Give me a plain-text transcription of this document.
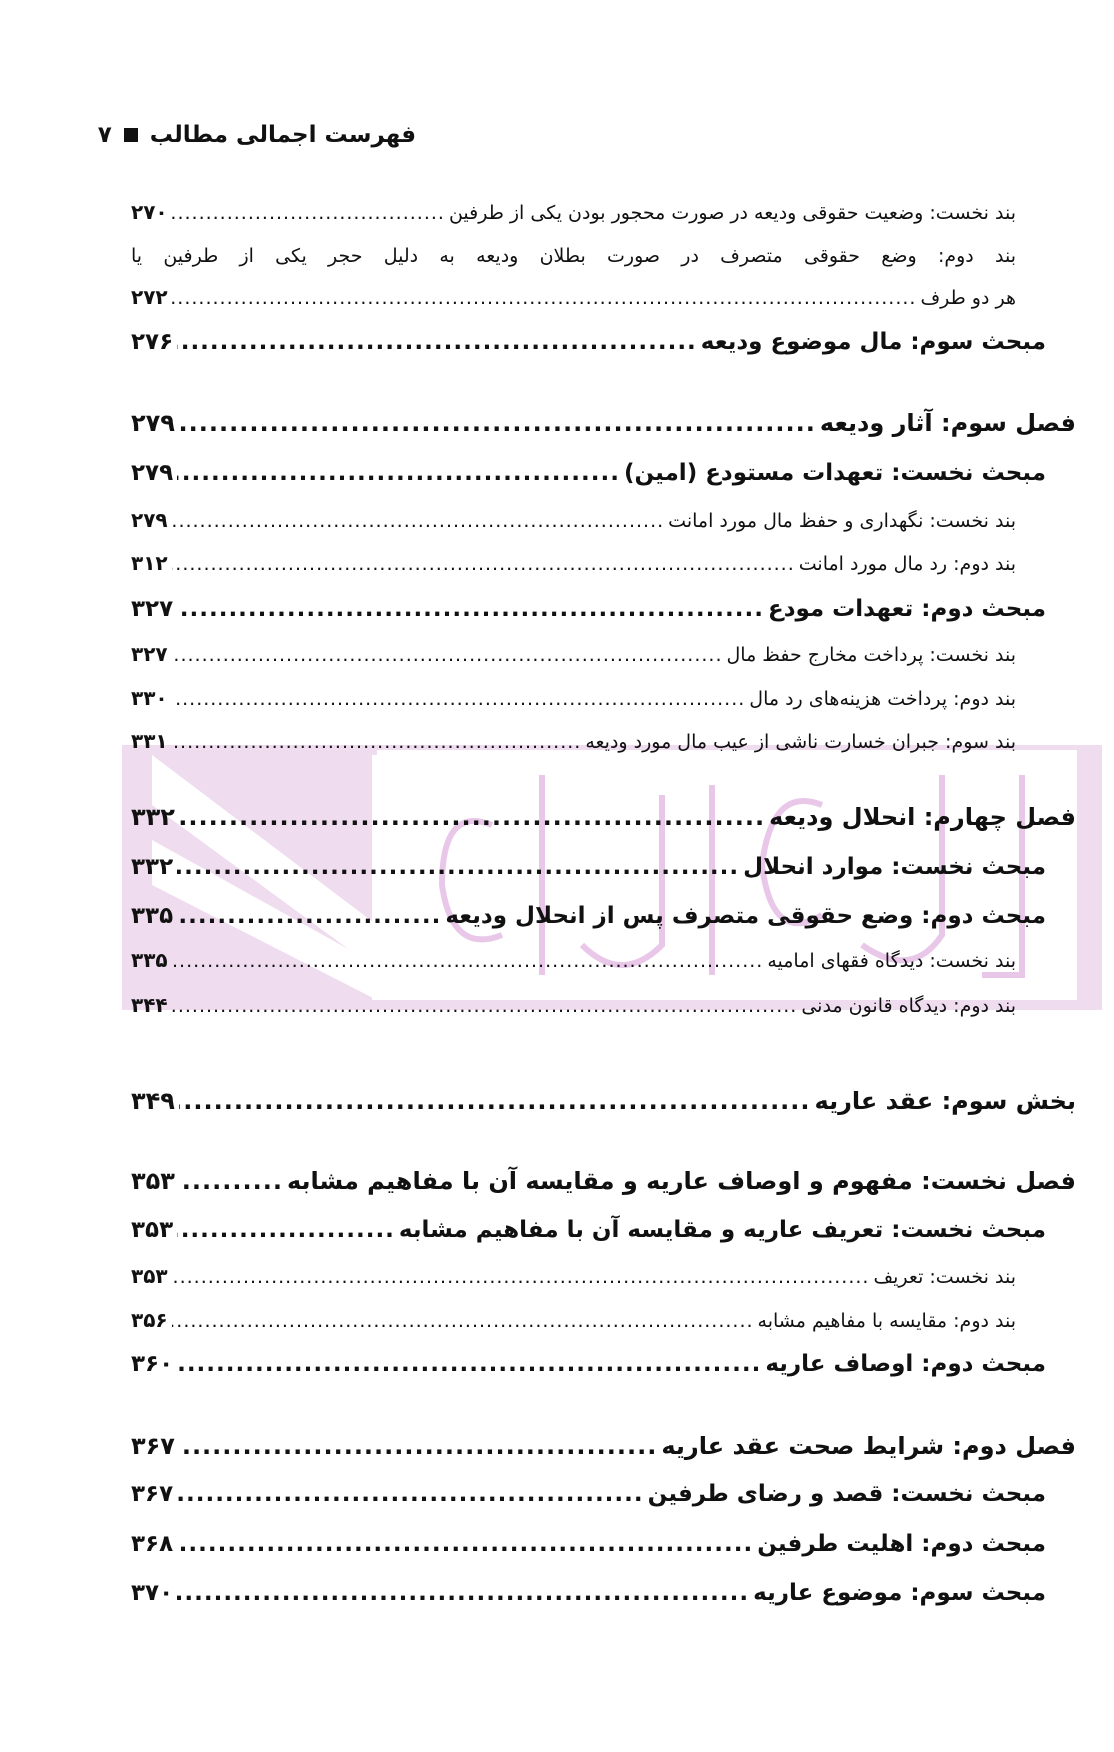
فهرست اجمالی مطالب
۷
بند نخست: وضعیت حقوقی ودیعه در صورت محجور بودن یکی از طرفین
.....
۲۷۰
بند دوم: وضع حقوقی متصرف در صورت بطلان ودیعه به دلیل حجر یکی از طرفین یا
هر دو طرف
.....
۲۷۲
مبحث سوم: مال موضوع ودیعه
.....
۲۷۶
فصل سوم: آثار ودیعه
.....
۲۷۹
مبحث نخست: تعهدات مستودع (امین)
.....
۲۷۹
بند نخست: نگهداری و حفظ مال مورد امانت
.....
۲۷۹
بند دوم: رد مال مورد امانت
.....
۳۱۲
مبحث دوم: تعهدات مودع
.....
۳۲۷
بند نخست: پرداخت مخارج حفظ مال
.....
۳۲۷
بند دوم: پرداخت هزینه‌های رد مال
.....
۳۳۰
بند سوم: جبران خسارت ناشی از عیب مال مورد ودیعه
.....
۳۳۱
فصل چهارم: انحلال ودیعه
.....
۳۳۲
مبحث نخست: موارد انحلال
.....
۳۳۲
مبحث دوم: وضع حقوقی متصرف پس از انحلال ودیعه
.....
۳۳۵
بند نخست: دیدگاه فقهای امامیه
.....
۳۳۵
بند دوم: دیدگاه قانون مدنی
.....
۳۴۴
بخش سوم: عقد عاریه
.....
۳۴۹
فصل نخست: مفهوم و اوصاف عاریه و مقایسه آن با مفاهیم مشابه
.....
۳۵۳
مبحث نخست: تعریف عاریه و مقایسه آن با مفاهیم مشابه
.....
۳۵۳
بند نخست: تعریف
.....
۳۵۳
بند دوم: مقایسه با مفاهیم مشابه
.....
۳۵۶
مبحث دوم: اوصاف عاریه
.....
۳۶۰
فصل دوم: شرایط صحت عقد عاریه
.....
۳۶۷
مبحث نخست: قصد و رضای طرفین
.....
۳۶۷
مبحث دوم: اهلیت طرفین
.....
۳۶۸
مبحث سوم: موضوع عاریه
.....
۳۷۰
